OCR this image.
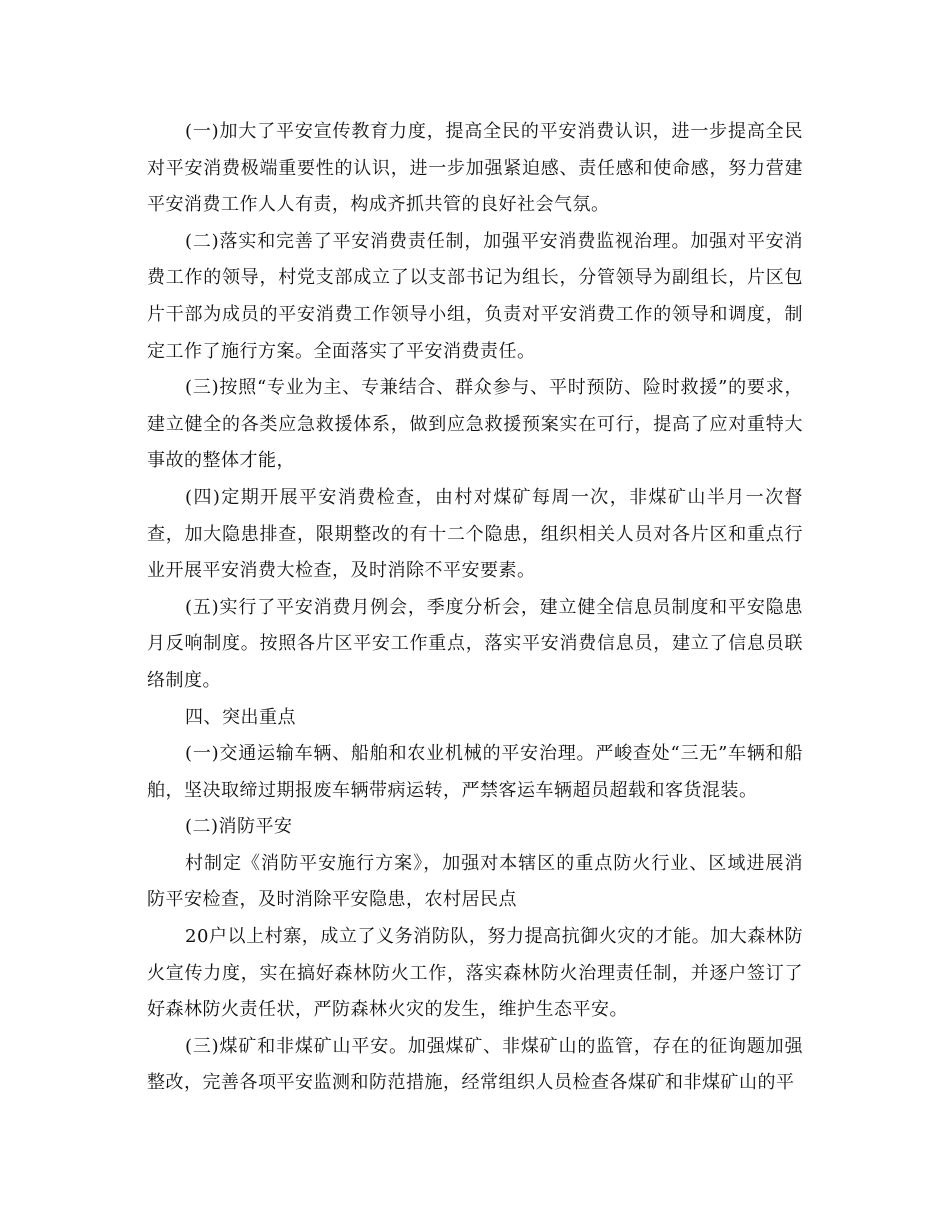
(一)加大了平安宣传教育力度，提高全民的平安消费认识，进一步提高全民对平安消费极端重要性的认识，进一步加强紧迫感、责任感和使命感，努力营建平安消费工作人人有责，构成齐抓共管的良好社会气氛。

(二)落实和完善了平安消费责任制，加强平安消费监视治理。加强对平安消费工作的领导，村党支部成立了以支部书记为组长，分管领导为副组长，片区包片干部为成员的平安消费工作领导小组，负责对平安消费工作的领导和调度，制定工作了施行方案。全面落实了平安消费责任。

(三)按照“专业为主、专兼结合、群众参与、平时预防、险时救援”的要求，建立健全的各类应急救援体系，做到应急救援预案实在可行，提高了应对重特大事故的整体才能，

(四)定期开展平安消费检查，由村对煤矿每周一次，非煤矿山半月一次督查，加大隐患排查，限期整改的有十二个隐患，组织相关人员对各片区和重点行业开展平安消费大检查，及时消除不平安要素。

(五)实行了平安消费月例会，季度分析会，建立健全信息员制度和平安隐患月反响制度。按照各片区平安工作重点，落实平安消费信息员，建立了信息员联络制度。

四、突出重点

(一)交通运输车辆、船舶和农业机械的平安治理。严峻查处“三无”车辆和船舶，坚决取缔过期报废车辆带病运转，严禁客运车辆超员超载和客货混装。

(二)消防平安

村制定《消防平安施行方案》，加强对本辖区的重点防火行业、区域进展消防平安检查，及时消除平安隐患，农村居民点

20户以上村寨，成立了义务消防队，努力提高抗御火灾的才能。加大森林防火宣传力度，实在搞好森林防火工作，落实森林防火治理责任制，并逐户签订了好森林防火责任状，严防森林火灾的发生，维护生态平安。

(三)煤矿和非煤矿山平安。加强煤矿、非煤矿山的监管，存在的征询题加强整改，完善各项平安监测和防范措施，经常组织人员检查各煤矿和非煤矿山的平
